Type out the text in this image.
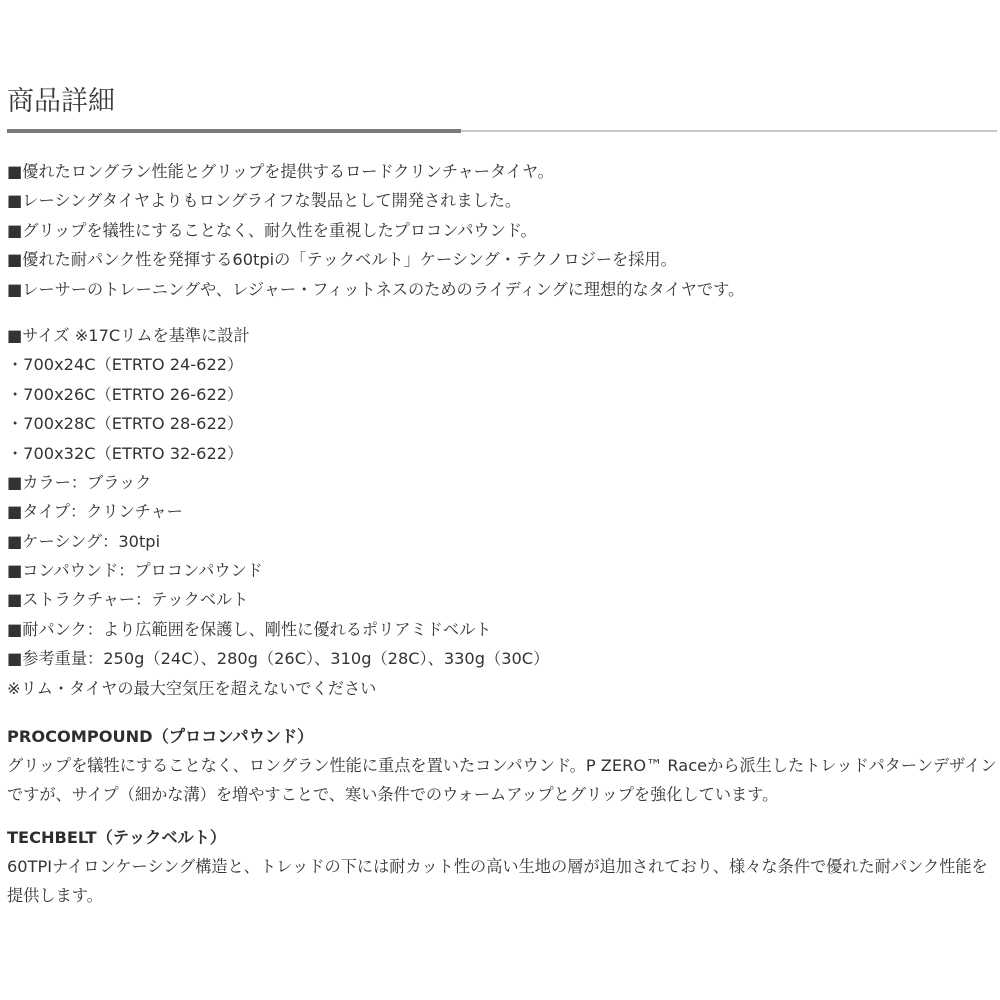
商品詳細
■優れたロングラン性能とグリップを提供するロードクリンチャータイヤ。
■レーシングタイヤよりもロングライフな製品として開発されました。
■グリップを犠牲にすることなく、耐久性を重視したプロコンパウンド。
■優れた耐パンク性を発揮する60tpiの「テックベルト」ケーシング・テクノロジーを採用。
■レーサーのトレーニングや、レジャー・フィットネスのためのライディングに理想的なタイヤです。
■サイズ ※17Cリムを基準に設計
・700x24C（ETRTO 24-622）
・700x26C（ETRTO 26-622）
・700x28C（ETRTO 28-622）
・700x32C（ETRTO 32-622）
■カラー：ブラック
■タイプ：クリンチャー
■ケーシング：30tpi
■コンパウンド：プロコンパウンド
■ストラクチャー：テックベルト
■耐パンク：より広範囲を保護し、剛性に優れるポリアミドベルト
■参考重量：250g（24C）、280g（26C）、310g（28C）、330g（30C）
※リム・タイヤの最大空気圧を超えないでください
PROCOMPOUND（プロコンパウンド）

グリップを犠牲にすることなく、ロングラン性能に重点を置いたコンパウンド。P ZERO™ Raceから派生したトレッドパターンデザインですが、サイプ（細かな溝）を増やすことで、寒い条件でのウォームアップとグリップを強化しています。

TECHBELT（テックベルト）

60TPIナイロンケーシング構造と、トレッドの下には耐カット性の高い生地の層が追加されており、様々な条件で優れた耐パンク性能を提供します。
